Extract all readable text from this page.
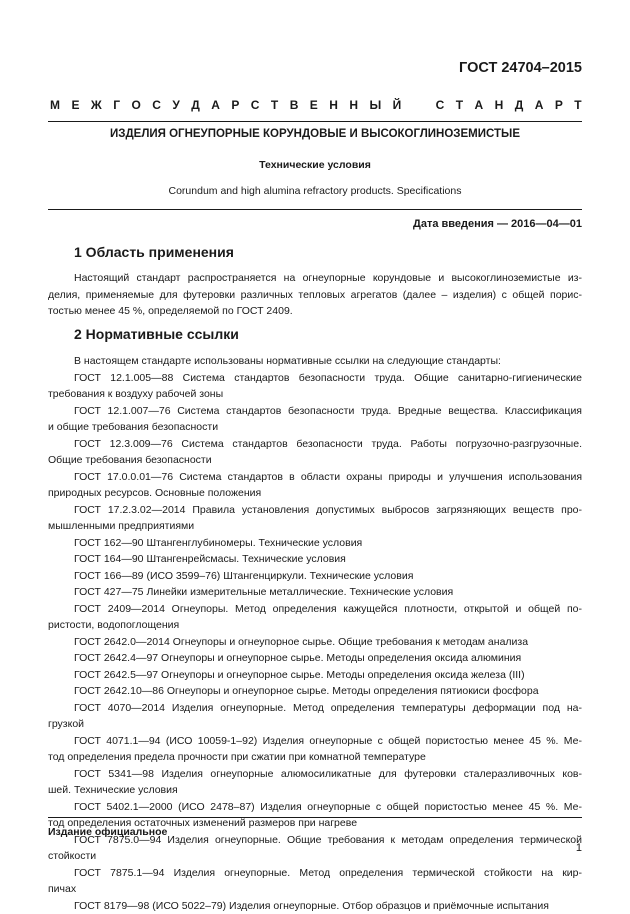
ГОСТ 24704–2015
М Е Ж Г О С У Д А Р С Т В Е Н Н Ы Й	С Т А Н Д А Р Т
ИЗДЕЛИЯ ОГНЕУПОРНЫЕ КОРУНДОВЫЕ И ВЫСОКОГЛИНОЗЕМИСТЫЕ
Технические условия
Corundum and high alumina refractory products. Specifications
Дата введения — 2016—04—01
1 Область применения

Настоящий стандарт распространяется на огнеупорные корундовые и высокоглиноземистые из-

делия, применяемые для футеровки различных тепловых агрегатов (далее – изделия) с общей порис-

тостью менее 45 %, определяемой по ГОСТ 2409.

2 Нормативные ссылки

В настоящем стандарте использованы нормативные ссылки на следующие стандарты:

ГОСТ 12.1.005—88 Система стандартов безопасности труда. Общие санитарно-гигиенические

требования к воздуху рабочей зоны

ГОСТ 12.1.007—76 Система стандартов безопасности труда. Вредные вещества. Классификация

и общие требования безопасности

ГОСТ 12.3.009—76 Система стандартов безопасности труда. Работы погрузочно-разгрузочные.

Общие требования безопасности

ГОСТ 17.0.0.01—76 Система стандартов в области охраны природы и улучшения использования

природных ресурсов. Основные положения

ГОСТ 17.2.3.02—2014 Правила установления допустимых выбросов загрязняющих веществ про-

мышленными предприятиями

ГОСТ 162—90 Штангенглубиномеры. Технические условия

ГОСТ 164—90 Штангенрейсмасы. Технические условия

ГОСТ 166—89 (ИСО 3599–76) Штангенциркули. Технические условия

ГОСТ 427—75 Линейки измерительные металлические. Технические условия

ГОСТ 2409—2014 Огнеупоры. Метод определения кажущейся плотности, открытой и общей по-

ристости, водопоглощения

ГОСТ 2642.0—2014 Огнеупоры и огнеупорное сырье. Общие требования к методам анализа

ГОСТ 2642.4—97 Огнеупоры и огнеупорное сырье. Методы определения оксида алюминия

ГОСТ 2642.5—97 Огнеупоры и огнеупорное сырье. Методы определения оксида железа (III)

ГОСТ 2642.10—86 Огнеупоры и огнеупорное сырье. Методы определения пятиокиси фосфора

ГОСТ 4070—2014 Изделия огнеупорные. Метод определения температуры деформации под на-

грузкой

ГОСТ 4071.1—94 (ИСО 10059-1–92) Изделия огнеупорные с общей пористостью менее 45 %. Ме-

тод определения предела прочности при сжатии при комнатной температуре

ГОСТ 5341—98 Изделия огнеупорные алюмосиликатные для футеровки сталеразливочных ков-

шей. Технические условия

ГОСТ 5402.1—2000 (ИСО 2478–87) Изделия огнеупорные с общей пористостью менее 45 %. Ме-

тод определения остаточных изменений размеров при нагреве

ГОСТ 7875.0—94 Изделия огнеупорные. Общие требования к методам определения термической

стойкости

ГОСТ 7875.1—94 Изделия огнеупорные. Метод определения термической стойкости на кир-

пичах

ГОСТ 8179—98 (ИСО 5022–79) Изделия огнеупорные. Отбор образцов и приёмочные испытания

Издание официальное
1
